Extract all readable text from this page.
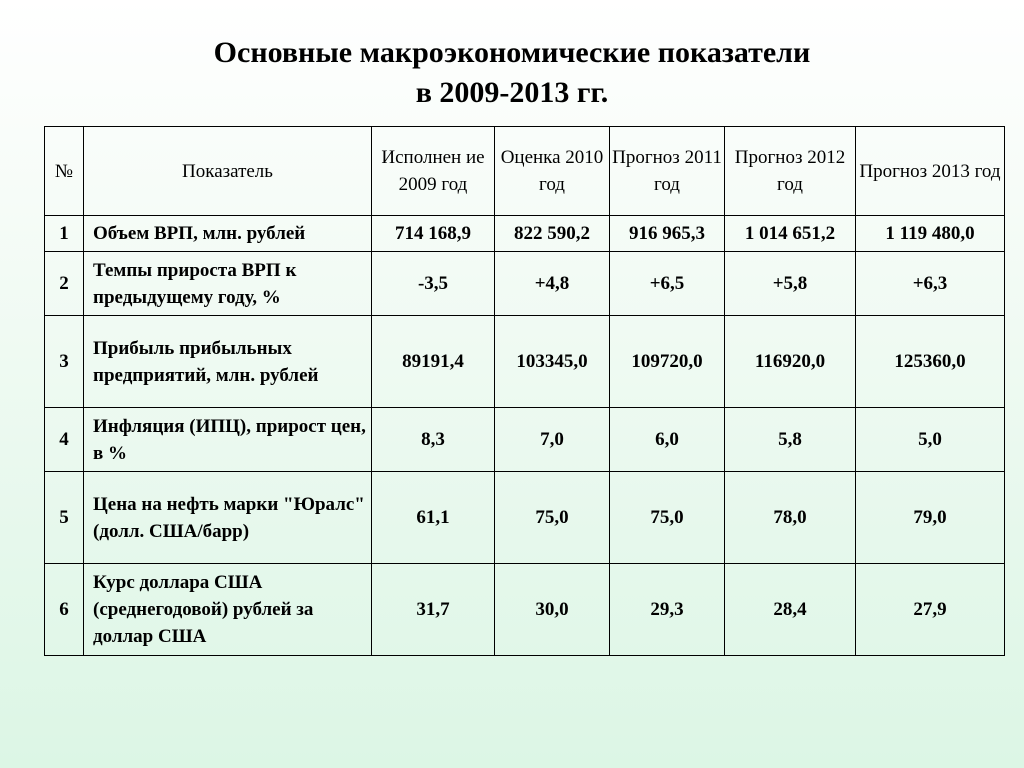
Основные макроэкономические показатели
в 2009-2013 гг.
№	Показатель	Исполнен ие 2009 год	Оценка 2010 год	Прогноз 2011 год	Прогноз 2012 год	Прогноз 2013 год
1	Объем ВРП, млн. рублей	714 168,9	822 590,2	916 965,3	1 014 651,2	1 119 480,0
2	Темпы прироста ВРП к предыдущему году, %	-3,5	+4,8	+6,5	+5,8	+6,3
3	Прибыль прибыльных предприятий, млн. рублей	89191,4	103345,0	109720,0	116920,0	125360,0
4	Инфляция (ИПЦ), прирост цен, в %	8,3	7,0	6,0	5,8	5,0
5	Цена на нефть марки "Юралс" (долл. США/барр)	61,1	75,0	75,0	78,0	79,0
6	Курс доллара США (среднегодовой) рублей за доллар США	31,7	30,0	29,3	28,4	27,9
